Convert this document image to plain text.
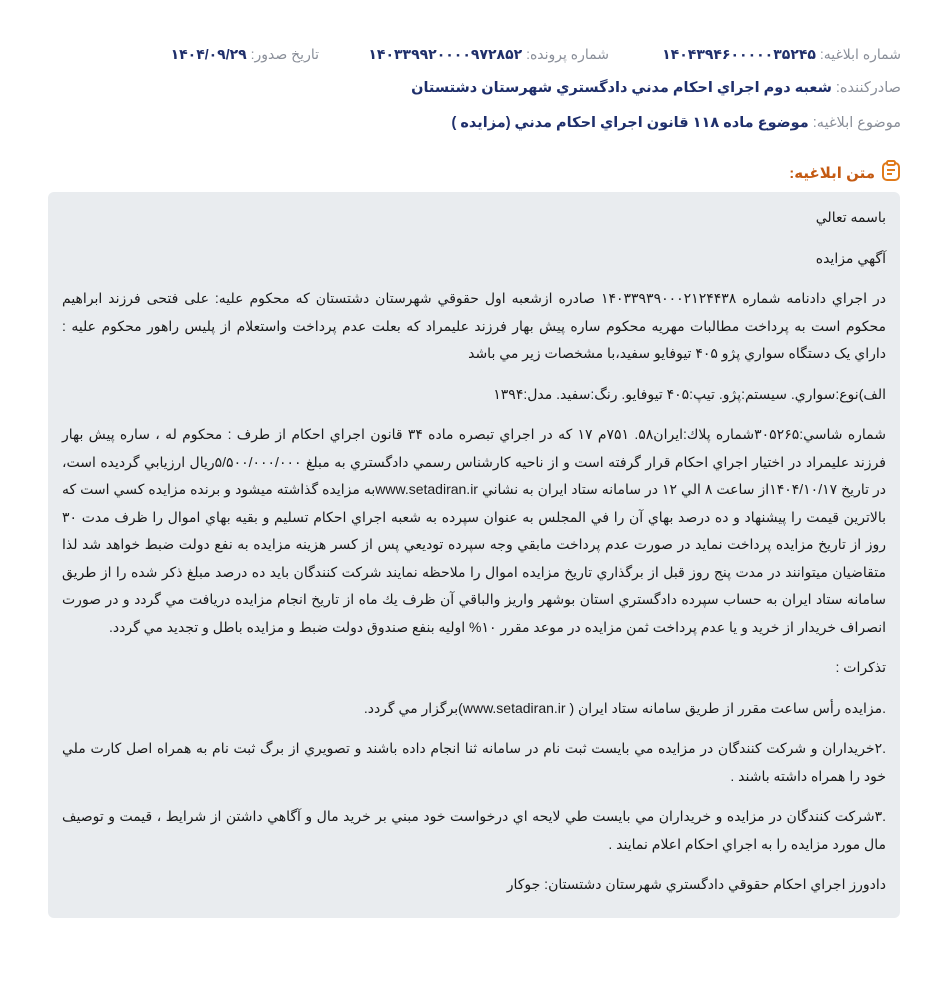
شماره ابلاغیه: ۱۴۰۴۳۹۴۶۰۰۰۰۰۳۵۲۴۵
شماره پرونده: ۱۴۰۳۳۹۹۲۰۰۰۰۹۷۲۸۵۲
تاریخ صدور: ۱۴۰۴/۰۹/۲۹
صادرکننده: شعبه دوم اجراي احكام مدني دادگستري شهرستان دشتستان
موضوع ابلاغیه: موضوع ماده ۱۱۸ قانون اجراي احكام مدني (مزايده )
متن ابلاغیه:

باسمه تعالي

آگهي مزايده

در اجراي دادنامه شماره ۱۴۰۳۳۹۳۹۰۰۰۲۱۲۴۴۳۸ صادره ازشعبه اول حقوقي شهرستان دشتستان كه محكوم عليه: علی فتحی فرزند ابراهیم محكوم است به پرداخت مطالبات مهریه محكوم ساره پیش بهار فرزند علیمراد كه بعلت عدم پرداخت واستعلام از پليس راهور محكوم عليه : داراي یک دستگاه سواري پژو ۴۰۵ تیوفایو سفید،با مشخصات زير مي باشد

الف)نوع:سواري. سيستم:پژو. تيپ:۴۰۵ تیوفایو. رنگ:سفيد. مدل:۱۳۹۴

شماره شاسي:۳۰۵۲۶۵شماره پلاك:ايران۵۸. ۷۵۱م ۱۷ كه در اجراي تبصره ماده ۳۴ قانون اجراي احكام از طرف : محکوم له ، ساره پیش بهار فرزند علیمراد در اختيار اجراي احكام قرار گرفته است و از ناحيه كارشناس رسمي دادگستري به مبلغ ۵/۵۰۰/۰۰۰/۰۰۰ريال ارزيابي گرديده است، در تاريخ ۱۴۰۴/۱۰/۱۷از ساعت ۸ الي ۱۲ در سامانه ستاد ايران به نشاني www.setadiran.irبه مزايده گذاشته ميشود و برنده مزايده كسي است كه بالاترين قيمت را پيشنهاد و ده درصد بهاي آن را في المجلس به عنوان سپرده به شعبه اجراي احكام تسليم و بقيه بهاي اموال را ظرف مدت ۳۰ روز از تاريخ مزايده پرداخت نمايد در صورت عدم پرداخت مابقي وجه سپرده توديعي پس از كسر هزينه مزايده به نفع دولت ضبط خواهد شد لذا متقاضيان ميتوانند در مدت پنج روز قبل از برگذاري تاريخ مزايده اموال را ملاحظه نمايند شركت كنندگان بايد ده درصد مبلغ ذكر شده را از طريق سامانه ستاد ايران به حساب سپرده دادگستري استان بوشهر واريز والباقي آن ظرف يك ماه از تاريخ انجام مزايده دريافت مي گردد و در صورت انصراف خريدار از خريد و يا عدم پرداخت ثمن مزايده در موعد مقرر ۱۰% اوليه بنفع صندوق دولت ضبط و مزايده باطل و تجديد مي گردد.

تذكرات :

.مزايده رأس ساعت مقرر از طريق سامانه ستاد ايران ( www.setadiran.ir)برگزار مي گردد.

.۲خريداران و شركت كنندگان در مزايده مي بايست ثبت نام در سامانه ثنا انجام داده باشند و تصويري از برگ ثبت نام به همراه اصل كارت ملي خود را همراه داشته باشند .

.۳شركت كنندگان در مزايده و خريداران مي بايست طي لايحه اي درخواست خود مبني بر خريد مال و آگاهي داشتن از شرايط ، قيمت و توصيف مال مورد مزايده را به اجراي احكام اعلام نمايند .

دادورز اجراي احكام حقوقي دادگستري شهرستان دشتستان: جوكار
